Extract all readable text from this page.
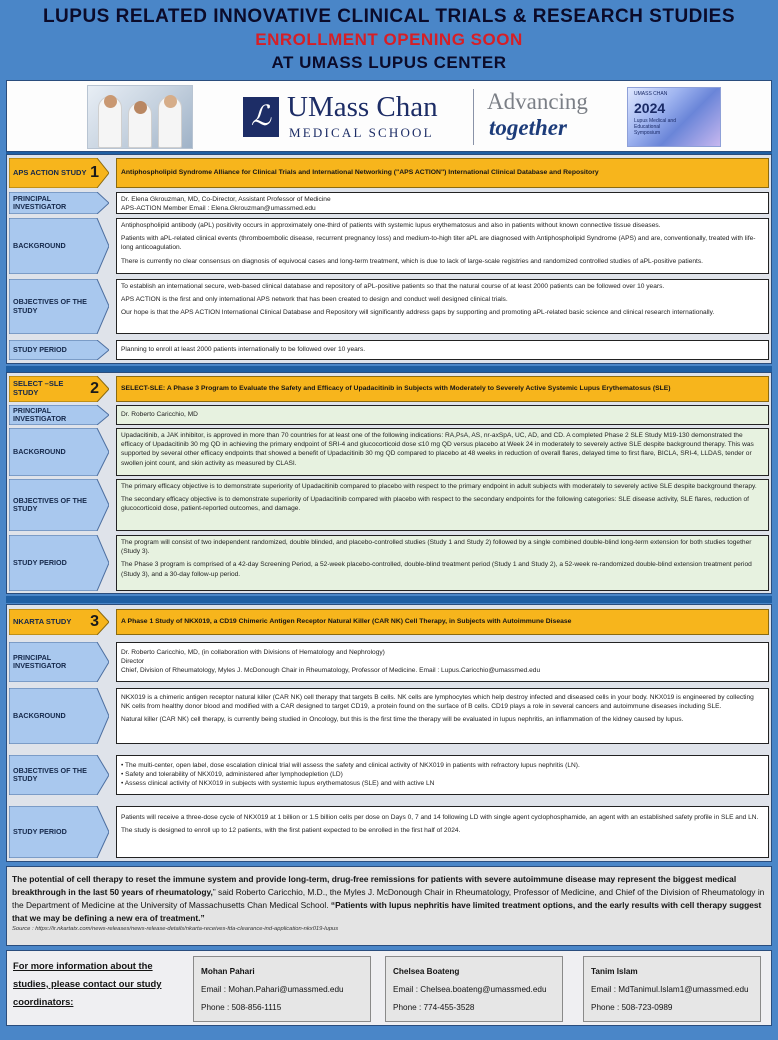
LUPUS RELATED INNOVATIVE CLINICAL TRIALS & RESEARCH STUDIES
ENROLLMENT OPENING SOON
AT UMASS LUPUS CENTER
ℒ UMass Chan
MEDICAL SCHOOL
Advancing
together
UMASS CHAN
2024
Lupus Medical and Educational Symposium
APS ACTION STUDY 1	Antiphospholipid Syndrome Alliance for Clinical Trials and International Networking ("APS ACTION") International Clinical Database and Repository
PRINCIPAL INVESTIGATOR
Dr. Elena Gkrouzman, MD, Co-Director, Assistant Professor of Medicine
APS-ACTION Member Email : Elena.Gkrouzman@umassmed.edu
BACKGROUND

Antiphospholipid antibody (aPL) positivity occurs in approximately one-third of patients with systemic lupus erythematosus and also in patients without known connective tissue diseases.

Patients with aPL-related clinical events (thromboembolic disease, recurrent pregnancy loss) and medium-to-high titer aPL are diagnosed with Antiphospholipid Syndrome (APS) and are, conventionally, treated with life-long anticoagulation.

There is currently no clear consensus on diagnosis of equivocal cases and long-term treatment, which is due to lack of large-scale registries and randomized controlled studies of aPL-positive patients.

OBJECTIVES OF THE STUDY

To establish an international secure, web-based clinical database and repository of aPL-positive patients so that the natural course of at least 2000 patients can be followed over 10 years.

APS ACTION is the first and only international APS network that has been created to design and conduct well designed clinical trials.

Our hope is that the APS ACTION International Clinical Database and Repository will significantly address gaps by supporting and promoting aPL-related basic science and clinical research internationally.

STUDY PERIOD	Planning to enroll at least 2000 patients internationally to be followed over 10 years.
SELECT –SLE STUDY	2	SELECT-SLE: A Phase 3 Program to Evaluate the Safety and Efficacy of Upadacitinib in Subjects with Moderately to Severely Active Systemic Lupus Erythematosus (SLE)
PRINCIPAL INVESTIGATOR	Dr. Roberto Caricchio, MD
BACKGROUND

Upadacitinib, a JAK inhibitor, is approved in more than 70 countries for at least one of the following indications: RA,PsA, AS, nr-axSpA, UC, AD, and CD. A completed Phase 2 SLE Study M19-130 demonstrated the efficacy of Upadacitinib 30 mg QD in achieving the primary endpoint of SRI-4 and glucocorticoid dose ≤10 mg QD versus placebo at Week 24 in moderately to severely active SLE despite background therapy. This was supported by several other efficacy endpoints that showed a benefit of Upadacitinib 30 mg QD compared to placebo at 48 weeks in reduction of overall flares, delayed time to first flare, BICLA, SRI-4, LLDAS, tender or swollen joint count, and skin activity as measured by CLASI.

OBJECTIVES OF THE STUDY

The primary efficacy objective is to demonstrate superiority of Upadacitinib compared to placebo with respect to the primary endpoint in adult subjects with moderately to severely active SLE despite background therapy.

The secondary efficacy objective is to demonstrate superiority of Upadacitinib compared with placebo with respect to the secondary endpoints for the following categories: SLE disease activity, SLE flares, reduction of glucocorticoid dose, patient-reported outcomes, and damage.

STUDY PERIOD

The program will consist of two independent randomized, double blinded, and placebo-controlled studies (Study 1 and Study 2) followed by a single combined double-blind long-term extension for both studies together (Study 3).

The Phase 3 program is comprised of a 42-day Screening Period, a 52-week placebo-controlled, double-blind treatment period (Study 1 and Study 2), a 52-week re-randomized double-blind extension treatment period (Study 3), and a 30-day follow-up period.

NKARTA STUDY	3	A Phase 1 Study of NKX019, a CD19 Chimeric Antigen Receptor Natural Killer (CAR NK) Cell Therapy, in Subjects with Autoimmune Disease
PRINCIPAL INVESTIGATOR
Dr. Roberto Caricchio, MD, (in collaboration with Divisions of Hematology and Nephrology)
Director
Chief, Division of Rheumatology, Myles J. McDonough Chair in Rheumatology, Professor of Medicine. Email : Lupus.Caricchio@umassmed.edu
BACKGROUND

NKX019 is a chimeric antigen receptor natural killer (CAR NK) cell therapy that targets B cells. NK cells are lymphocytes which help destroy infected and diseased cells in your body. NKX019 is engineered by collecting NK cells from healthy donor blood and modified with a CAR designed to target CD19, a protein found on the surface of B cells. CD19 plays a role in several cancers and autoimmune diseases including SLE.

Natural killer (CAR NK) cell therapy, is currently being studied in Oncology, but this is the first time the therapy will be evaluated in lupus nephritis, an inflammation of the kidney caused by lupus.

OBJECTIVES OF THE STUDY
• The multi-center, open label, dose escalation clinical trial will assess the safety and clinical activity of NKX019 in patients with refractory lupus nephritis (LN).
• Safety and tolerability of NKX019, administered after lymphodepletion (LD)
• Assess clinical activity of NKX019 in subjects with systemic lupus erythematosus (SLE) and with active LN
STUDY PERIOD

Patients will receive a three-dose cycle of NKX019 at 1 billion or 1.5 billion cells per dose on Days 0, 7 and 14 following LD with single agent cyclophosphamide, an agent with an established safety profile in SLE and LN.

The study is designed to enroll up to 12 patients, with the first patient expected to be enrolled in the first half of 2024.

The potential of cell therapy to reset the immune system and provide long-term, drug-free remissions for patients with severe autoimmune disease may represent the biggest medical breakthrough in the last 50 years of rheumatology,” said Roberto Caricchio, M.D., the Myles J. McDonough Chair in Rheumatology, Professor of Medicine, and Chief of the Division of Rheumatology in the Department of Medicine at the University of Massachusetts Chan Medical School. “Patients with lupus nephritis have limited treatment options, and the early results with cell therapy suggest that we may be defining a new era of treatment.”
Source : https://ir.nkartatx.com/news-releases/news-release-details/nkarta-receives-fda-clearance-ind-application-nkx019-lupus
For more information about the studies, please contact our study coordinators:
Mohan Pahari
Email : Mohan.Pahari@umassmed.edu
Phone : 508-856-1115
Chelsea Boateng
Email : Chelsea.boateng@umassmed.edu
Phone : 774-455-3528
Tanim Islam
Email : MdTanimul.Islam1@umassmed.edu
Phone : 508-723-0989
